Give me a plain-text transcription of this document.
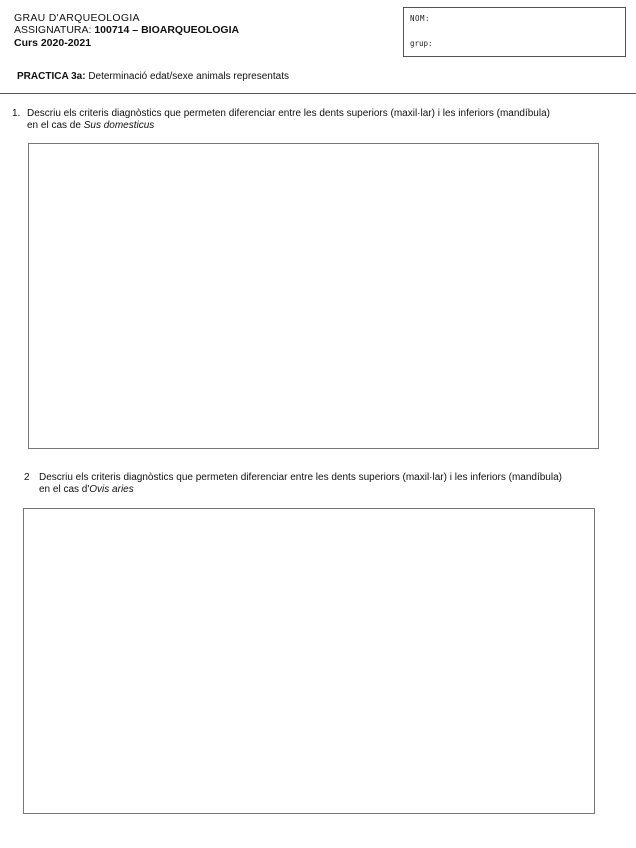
GRAU D'ARQUEOLOGIA
ASSIGNATURA: 100714 – BIOARQUEOLOGIA
Curs 2020-2021
NOM:
grup:
PRACTICA 3a: Determinació edat/sexe animals representats
1. Descriu els criteris diagnòstics que permeten diferenciar entre les dents superiors (maxil·lar) i les inferiors (mandíbula)
en el cas de Sus domesticus
2 Descriu els criteris diagnòstics que permeten diferenciar entre les dents superiors (maxil·lar) i les inferiors (mandíbula)
en el cas d'Ovis aries
